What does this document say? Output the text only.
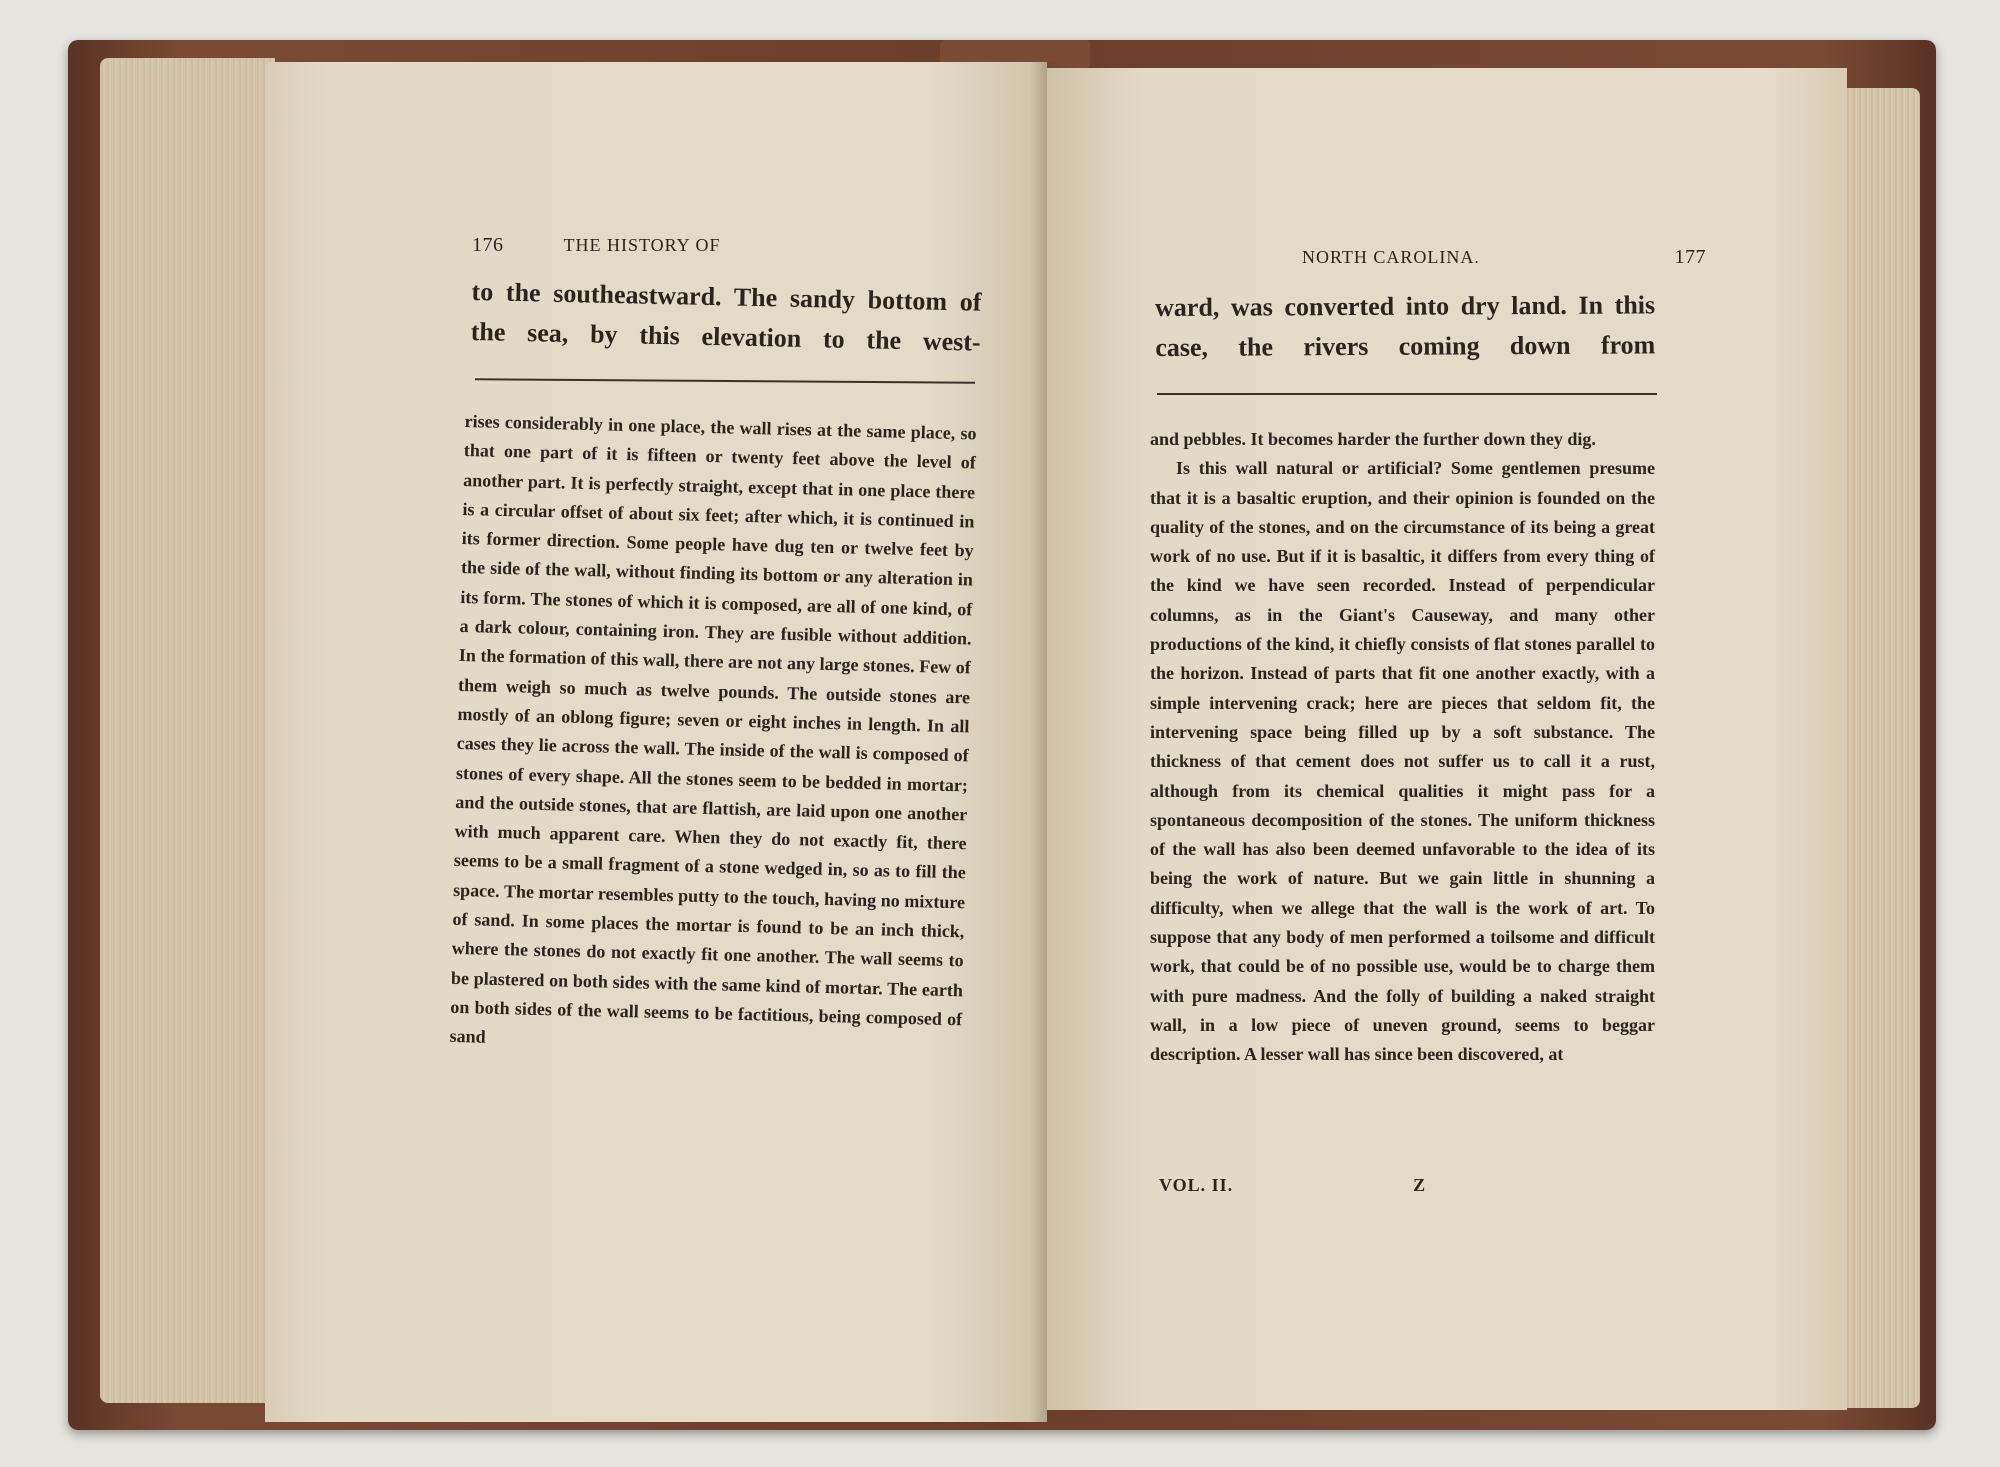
176	THE HISTORY OF
to the southeastward. The sandy bottom of the sea, by this elevation to the west-

rises considerably in one place, the wall rises at the same place, so that one part of it is fifteen or twenty feet above the level of another part. It is perfectly straight, except that in one place there is a circular offset of about six feet; after which, it is continued in its former direction. Some people have dug ten or twelve feet by the side of the wall, without finding its bottom or any alteration in its form. The stones of which it is composed, are all of one kind, of a dark colour, containing iron. They are fusible without addition. In the formation of this wall, there are not any large stones. Few of them weigh so much as twelve pounds. The outside stones are mostly of an oblong figure; seven or eight inches in length. In all cases they lie across the wall. The inside of the wall is composed of stones of every shape. All the stones seem to be bedded in mortar; and the outside stones, that are flattish, are laid upon one another with much apparent care. When they do not exactly fit, there seems to be a small fragment of a stone wedged in, so as to fill the space. The mortar resembles putty to the touch, having no mixture of sand. In some places the mortar is found to be an inch thick, where the stones do not exactly fit one another. The wall seems to be plastered on both sides with the same kind of mortar. The earth on both sides of the wall seems to be factitious, being composed of sand

NORTH CAROLINA.	177
ward, was converted into dry land. In this case, the rivers coming down from

and pebbles. It becomes harder the further down they dig.

Is this wall natural or artificial? Some gentlemen presume that it is a basaltic eruption, and their opinion is founded on the quality of the stones, and on the circumstance of its being a great work of no use. But if it is basaltic, it differs from every thing of the kind we have seen recorded. Instead of perpendicular columns, as in the Giant's Causeway, and many other productions of the kind, it chiefly consists of flat stones parallel to the horizon. Instead of parts that fit one another exactly, with a simple intervening crack; here are pieces that seldom fit, the intervening space being filled up by a soft substance. The thickness of that cement does not suffer us to call it a rust, although from its chemical qualities it might pass for a spontaneous decomposition of the stones. The uniform thickness of the wall has also been deemed unfavorable to the idea of its being the work of nature. But we gain little in shunning a difficulty, when we allege that the wall is the work of art. To suppose that any body of men performed a toilsome and difficult work, that could be of no possible use, would be to charge them with pure madness. And the folly of building a naked straight wall, in a low piece of uneven ground, seems to beggar description. A lesser wall has since been discovered, at

VOL. II.	Z
